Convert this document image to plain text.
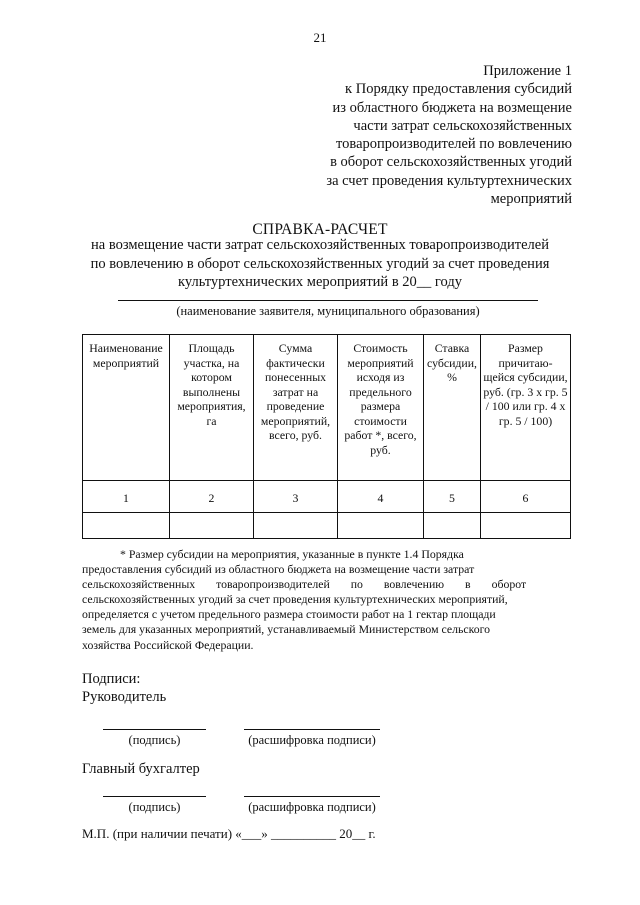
21
Приложение 1
к Порядку предоставления субсидий
из областного бюджета на возмещение
части затрат сельскохозяйственных
товаропроизводителей по вовлечению
в оборот сельскохозяйственных угодий
за счет проведения культуртехнических
мероприятий
СПРАВКА-РАСЧЕТ
на возмещение части затрат сельскохозяйственных товаропроизводителей
по вовлечению в оборот сельскохозяйственных угодий за счет проведения
культуртехнических мероприятий в 20__ году
(наименование заявителя, муниципального образования)
Наименование мероприятий	Площадь участка, на котором выполнены мероприятия, га	Сумма фактически понесенных затрат на проведение мероприятий, всего, руб.	Стоимость мероприятий исходя из предельного размера стоимости работ *, всего, руб.	Ставка субсидии, %	Размер причитаю-щейся субсидии, руб. (гр. 3 x гр. 5 / 100 или гр. 4 x гр. 5 / 100)
1	2	3	4	5	6

* Размер субсидии на мероприятия, указанные в пункте 1.4 Порядка
предоставления субсидий из областного бюджета на возмещение части затрат
сельскохозяйственных товаропроизводителей по вовлечению в оборот
сельскохозяйственных угодий за счет проведения культуртехнических мероприятий,
определяется с учетом предельного размера стоимости работ на 1 гектар площади
земель для указанных мероприятий, устанавливаемый Министерством сельского
хозяйства Российской Федерации.
Подписи:
Руководитель
(подпись)	(расшифровка подписи)
Главный бухгалтер
(подпись)	(расшифровка подписи)
М.П. (при наличии печати) «___» __________ 20__ г.
